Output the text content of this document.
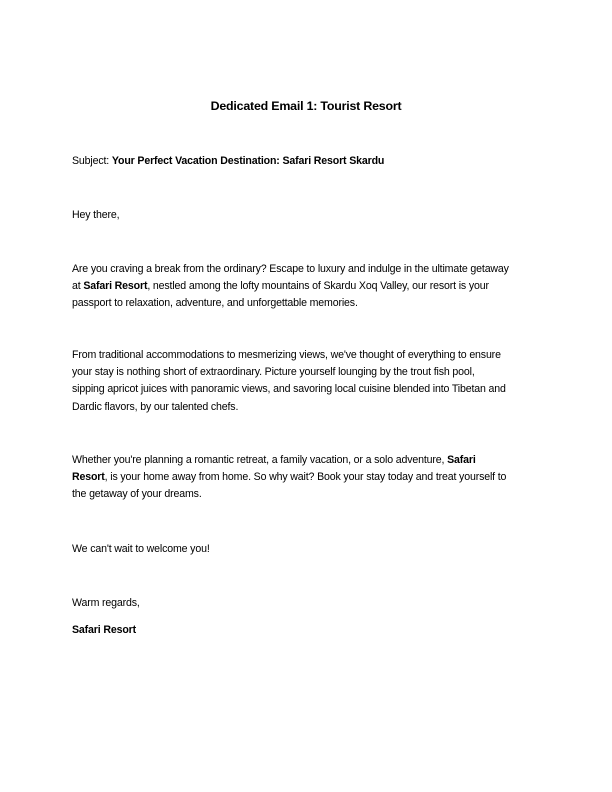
Dedicated Email 1: Tourist Resort
Subject: Your Perfect Vacation Destination: Safari Resort Skardu
Hey there,
Are you craving a break from the ordinary? Escape to luxury and indulge in the ultimate getaway
at Safari Resort, nestled among the lofty mountains of Skardu Xoq Valley, our resort is your
passport to relaxation, adventure, and unforgettable memories.
From traditional accommodations to mesmerizing views, we've thought of everything to ensure
your stay is nothing short of extraordinary. Picture yourself lounging by the trout fish pool,
sipping apricot juices with panoramic views, and savoring local cuisine blended into Tibetan and
Dardic flavors, by our talented chefs.
Whether you're planning a romantic retreat, a family vacation, or a solo adventure, Safari
Resort, is your home away from home. So why wait? Book your stay today and treat yourself to
the getaway of your dreams.
We can't wait to welcome you!
Warm regards,
Safari Resort
